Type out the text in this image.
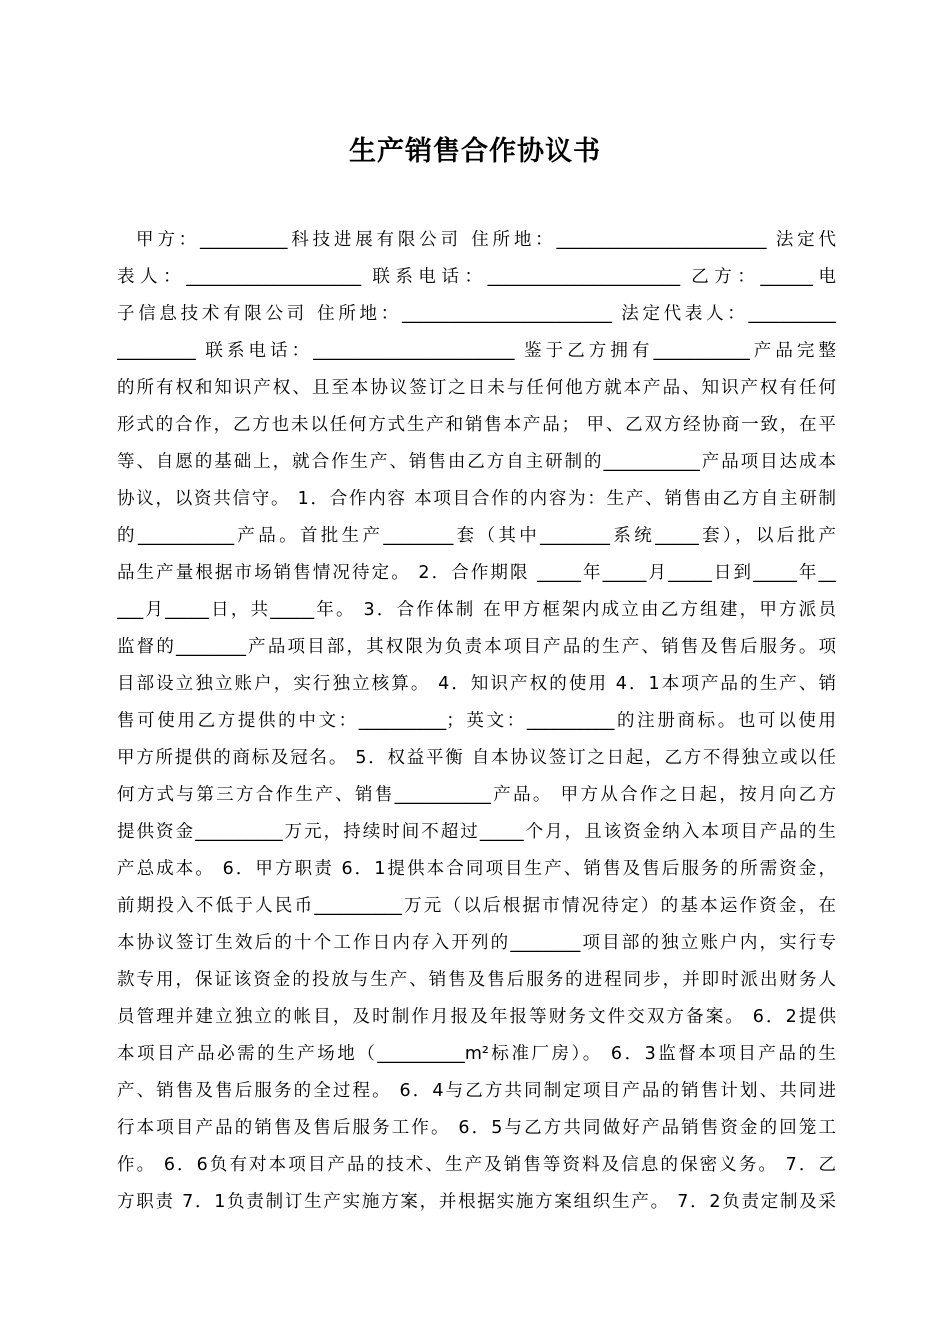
生产销售合作协议书
甲方：__________科技进展有限公司 住所地：________________________ 法定代
表人：____________________ 联系电话：______________________ 乙方：______电
子信息技术有限公司 住所地：________________________ 法定代表人：__________
_________ 联系电话：_______________________ 鉴于乙方拥有___________产品完整
的所有权和知识产权、且至本协议签订之日未与任何他方就本产品、知识产权有任何
形式的合作，乙方也未以任何方式生产和销售本产品； 甲、乙双方经协商一致，在平
等、自愿的基础上，就合作生产、销售由乙方自主研制的___________产品项目达成本
协议，以资共信守。 1．合作内容 本项目合作的内容为：生产、销售由乙方自主研制
的___________产品。首批生产________套（其中________系统_____套），以后批产
品生产量根据市场销售情况待定。 2．合作期限 _____年_____月_____日到_____年__
___月_____日，共_____年。 3．合作体制 在甲方框架内成立由乙方组建，甲方派员
监督的________产品项目部，其权限为负责本项目产品的生产、销售及售后服务。项
目部设立独立账户，实行独立核算。 4．知识产权的使用 4．1本项产品的生产、销
售可使用乙方提供的中文：__________；英文：__________的注册商标。也可以使用
甲方所提供的商标及冠名。 5．权益平衡 自本协议签订之日起，乙方不得独立或以任
何方式与第三方合作生产、销售___________产品。 甲方从合作之日起，按月向乙方
提供资金__________万元，持续时间不超过_____个月，且该资金纳入本项目产品的生
产总成本。 6．甲方职责 6．1提供本合同项目生产、销售及售后服务的所需资金，
前期投入不低于人民币__________万元（以后根据市情况待定）的基本运作资金，在
本协议签订生效后的十个工作日内存入开列的________项目部的独立账户内，实行专
款专用，保证该资金的投放与生产、销售及售后服务的进程同步，并即时派出财务人
员管理并建立独立的帐目，及时制作月报及年报等财务文件交双方备案。 6．2提供
本项目产品必需的生产场地（__________m²标准厂房）。 6．3监督本项目产品的生
产、销售及售后服务的全过程。 6．4与乙方共同制定项目产品的销售计划、共同进
行本项目产品的销售及售后服务工作。 6．5与乙方共同做好产品销售资金的回笼工
作。 6．6负有对本项目产品的技术、生产及销售等资料及信息的保密义务。 7．乙
方职责 7．1负责制订生产实施方案，并根据实施方案组织生产。 7．2负责定制及采
